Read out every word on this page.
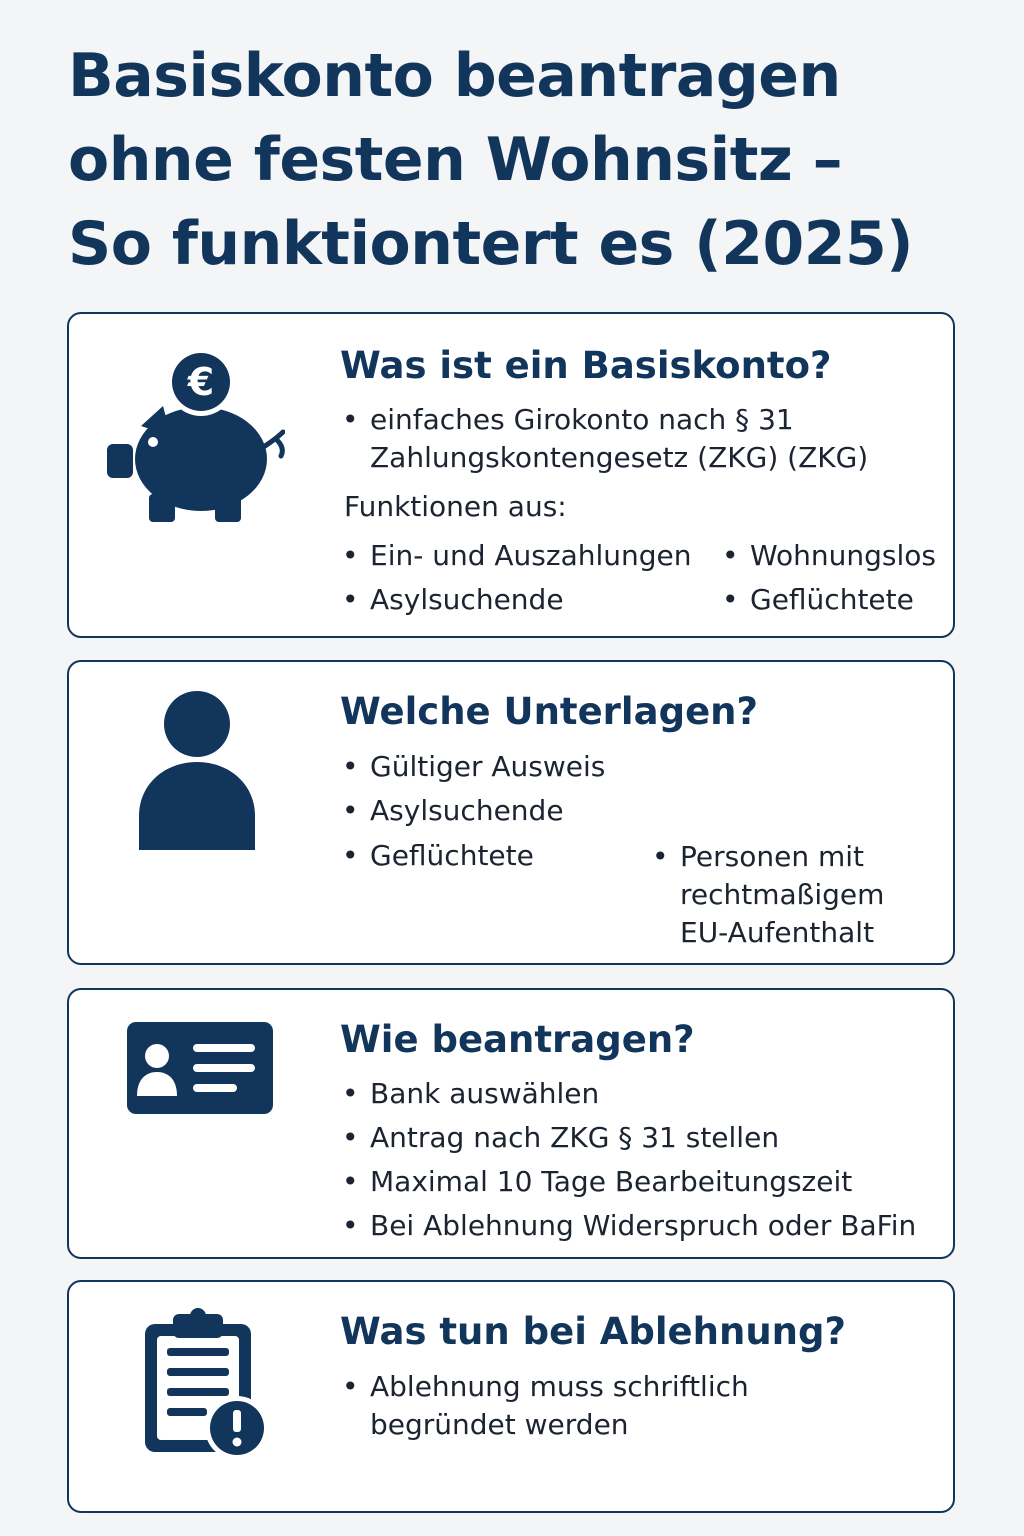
Basiskonto beantragen
ohne festen Wohnsitz –
So funktiontert es (2025)
€	Was ist ein Basiskonto?
• einfaches Girokonto nach § 31
Zahlungskontengesetz (ZKG) (ZKG)
Funktionen aus:
• Ein- und Auszahlungen
• Asylsuchende
• Wohnungslos
• Geflüchtete
Welche Unterlagen?
• Gültiger Ausweis
• Asylsuchende
• Geflüchtete
•	Personen mit
rechtmaßigem
EU-Aufenthalt
Wie beantragen?
• Bank auswählen
• Antrag nach ZKG § 31 stellen
• Maximal 10 Tage Bearbeitungszeit
• Bei Ablehnung Widerspruch oder BaFin
Was tun bei Ablehnung?
• Ablehnung muss schriftlich
begründet werden
